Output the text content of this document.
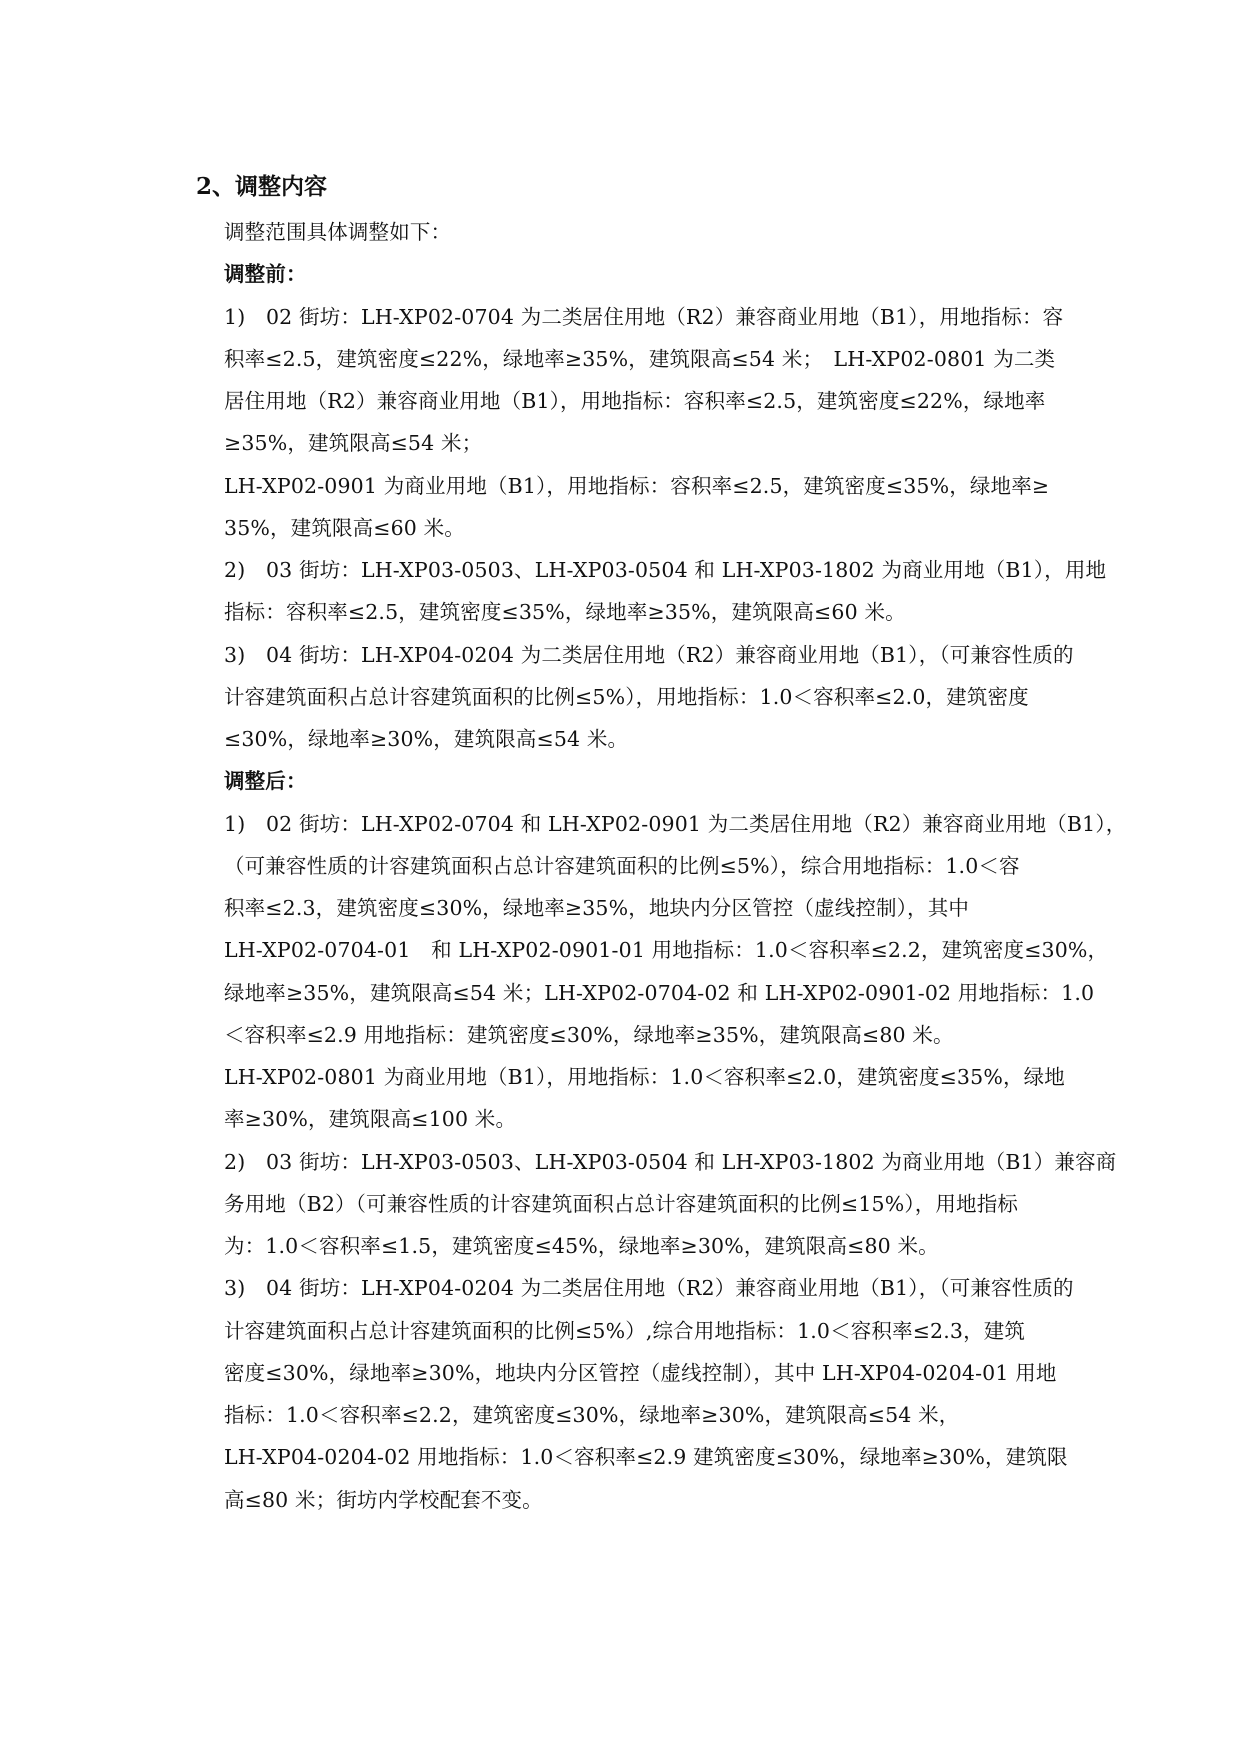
2、调整内容
调整范围具体调整如下：
调整前：
1)　02 街坊：LH-XP02-0704 为二类居住用地（R2）兼容商业用地（B1），用地指标：容
积率≤2.5，建筑密度≤22%，绿地率≥35%，建筑限高≤54 米；　LH-XP02-0801 为二类
居住用地（R2）兼容商业用地（B1），用地指标：容积率≤2.5，建筑密度≤22%，绿地率
≥35%，建筑限高≤54 米；
LH-XP02-0901 为商业用地（B1），用地指标：容积率≤2.5，建筑密度≤35%，绿地率≥
35%，建筑限高≤60 米。
2)　03 街坊：LH-XP03-0503、LH-XP03-0504 和 LH-XP03-1802 为商业用地（B1），用地
指标：容积率≤2.5，建筑密度≤35%，绿地率≥35%，建筑限高≤60 米。
3)　04 街坊：LH-XP04-0204 为二类居住用地（R2）兼容商业用地（B1），（可兼容性质的
计容建筑面积占总计容建筑面积的比例≤5%），用地指标：1.0＜容积率≤2.0，建筑密度
≤30%，绿地率≥30%，建筑限高≤54 米。
调整后：
1)　02 街坊：LH-XP02-0704 和 LH-XP02-0901 为二类居住用地（R2）兼容商业用地（B1），
（可兼容性质的计容建筑面积占总计容建筑面积的比例≤5%），综合用地指标：1.0＜容
积率≤2.3，建筑密度≤30%，绿地率≥35%，地块内分区管控（虚线控制），其中
LH-XP02-0704-01　和 LH-XP02-0901-01 用地指标：1.0＜容积率≤2.2，建筑密度≤30%，
绿地率≥35%，建筑限高≤54 米；LH-XP02-0704-02 和 LH-XP02-0901-02 用地指标：1.0
＜容积率≤2.9 用地指标：建筑密度≤30%，绿地率≥35%，建筑限高≤80 米。
LH-XP02-0801 为商业用地（B1），用地指标：1.0＜容积率≤2.0，建筑密度≤35%，绿地
率≥30%，建筑限高≤100 米。
2)　03 街坊：LH-XP03-0503、LH-XP03-0504 和 LH-XP03-1802 为商业用地（B1）兼容商
务用地（B2）（可兼容性质的计容建筑面积占总计容建筑面积的比例≤15%），用地指标
为：1.0＜容积率≤1.5，建筑密度≤45%，绿地率≥30%，建筑限高≤80 米。
3)　04 街坊：LH-XP04-0204 为二类居住用地（R2）兼容商业用地（B1），（可兼容性质的
计容建筑面积占总计容建筑面积的比例≤5%）,综合用地指标：1.0＜容积率≤2.3，建筑
密度≤30%，绿地率≥30%，地块内分区管控（虚线控制），其中 LH-XP04-0204-01 用地
指标：1.0＜容积率≤2.2，建筑密度≤30%，绿地率≥30%，建筑限高≤54 米，
LH-XP04-0204-02 用地指标：1.0＜容积率≤2.9 建筑密度≤30%，绿地率≥30%，建筑限
高≤80 米；街坊内学校配套不变。
